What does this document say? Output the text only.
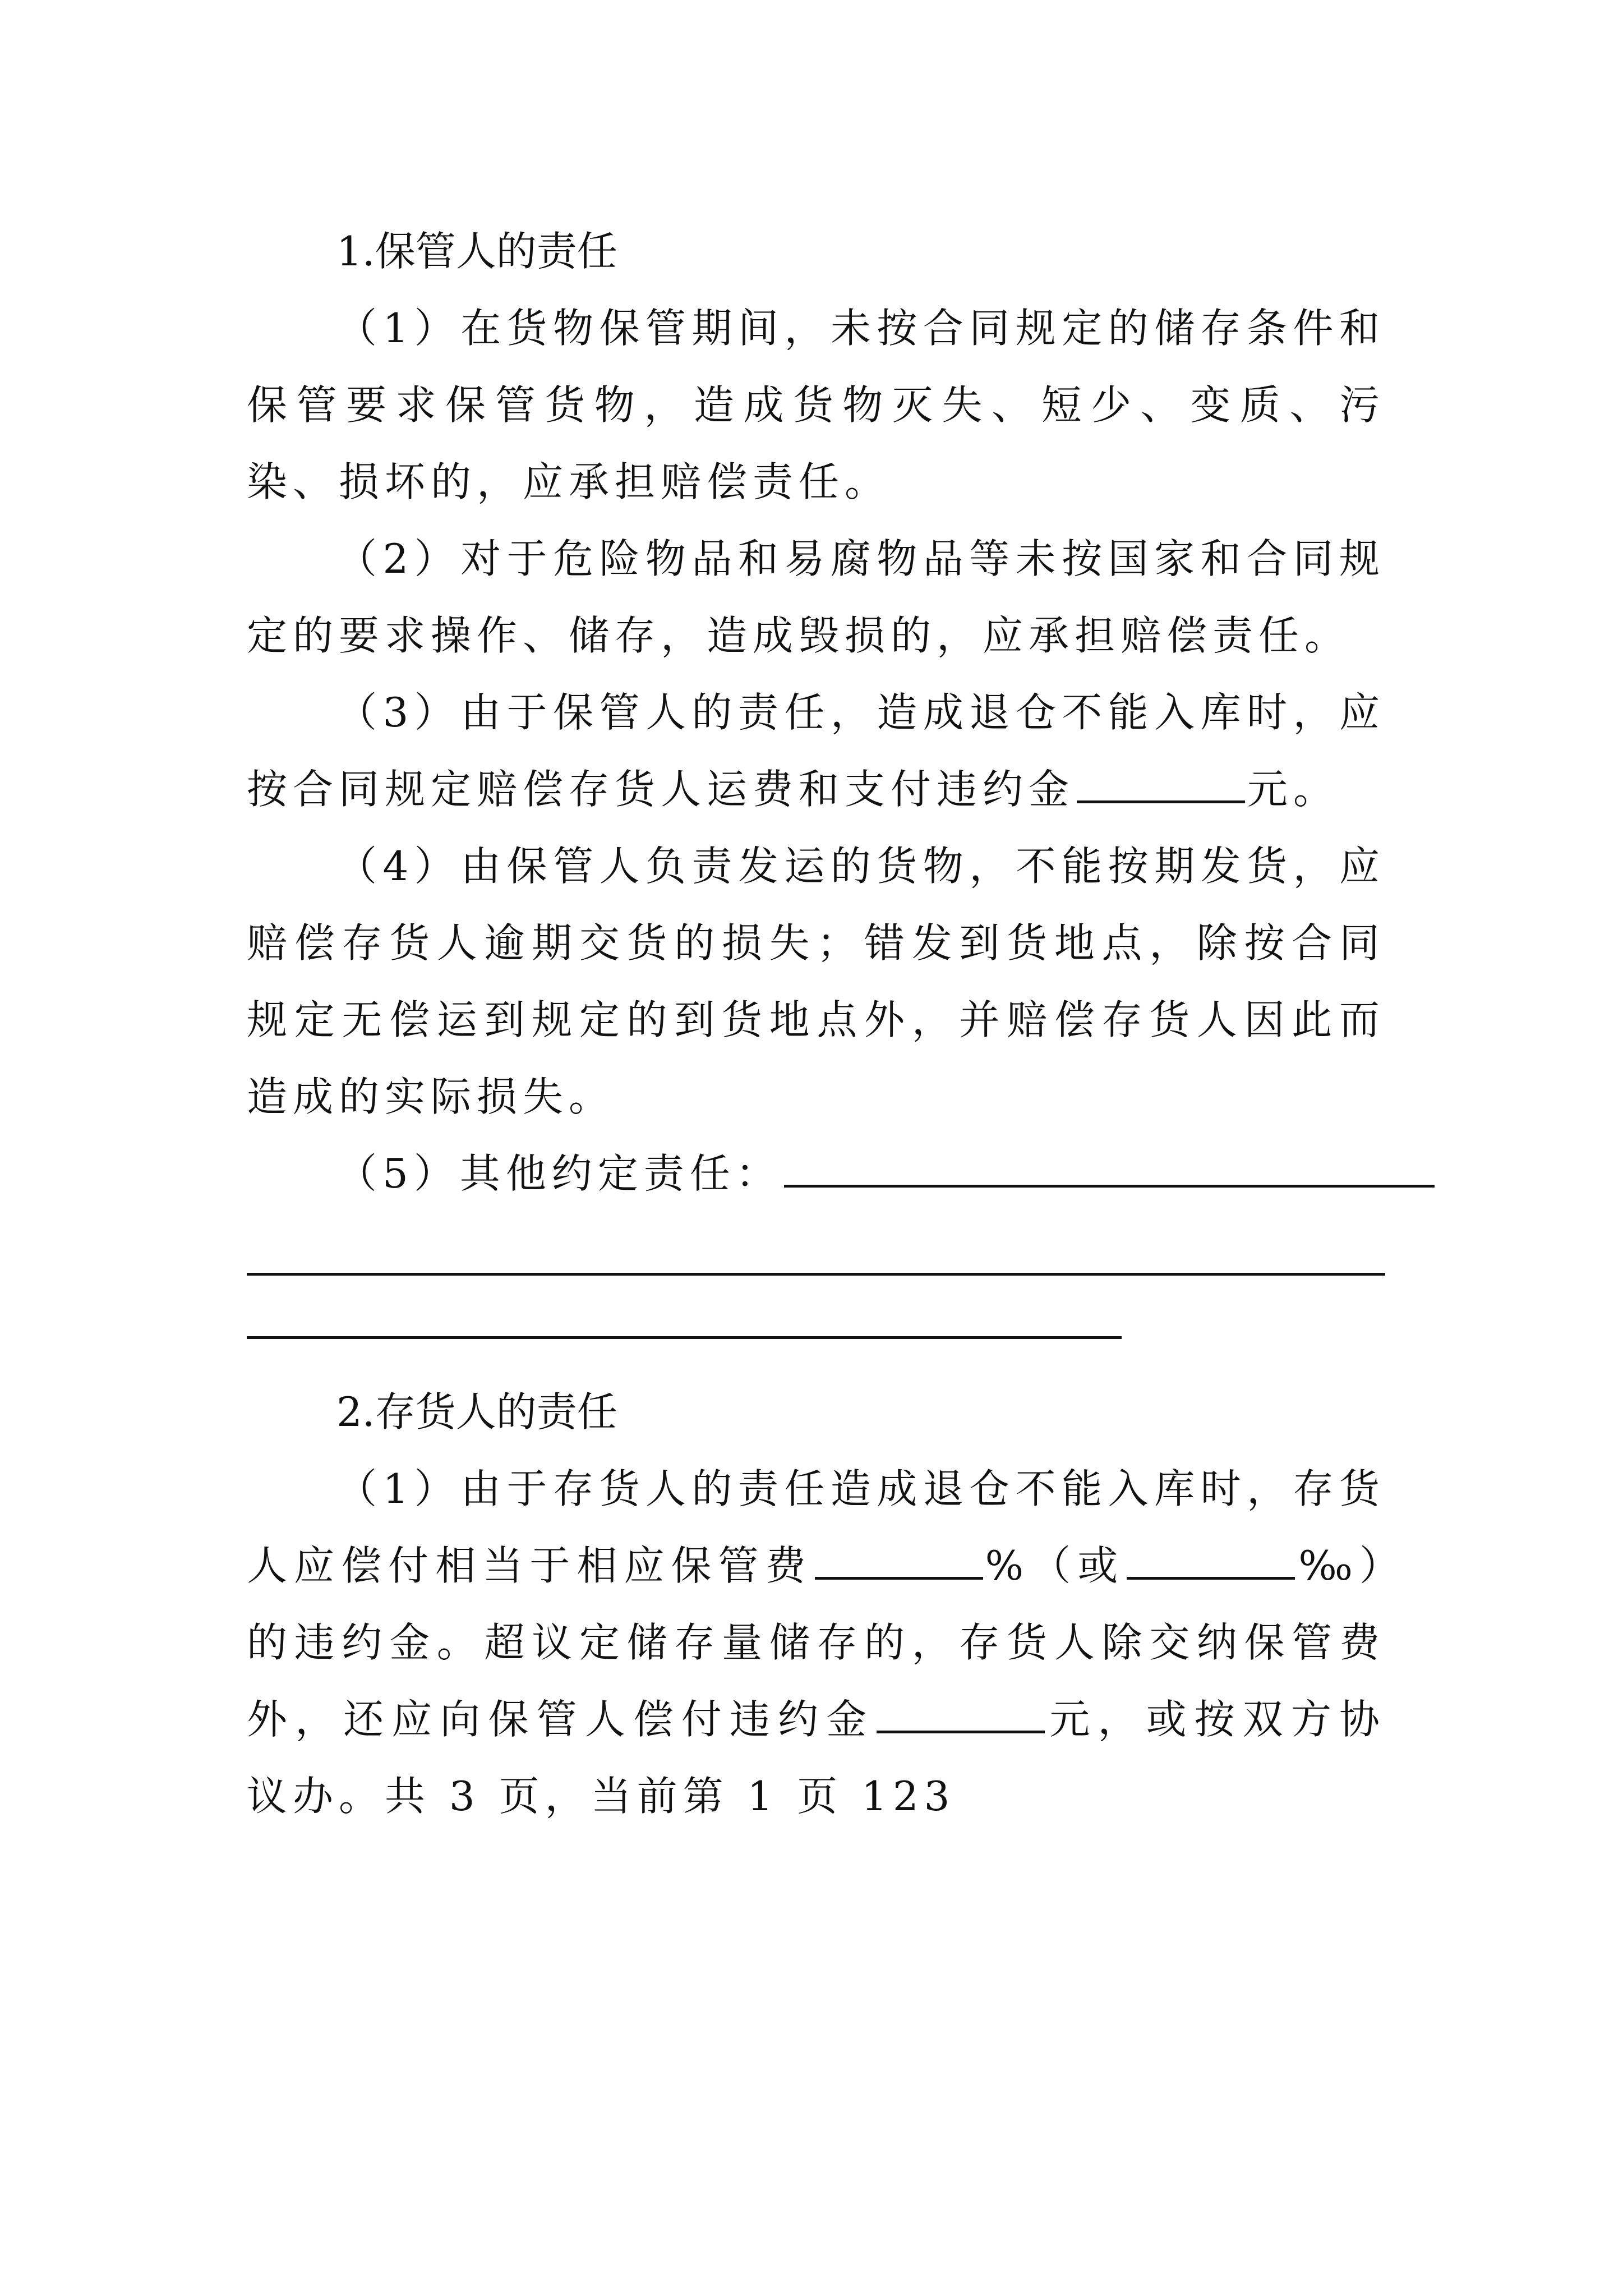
1.保管人的责任

（1）在货物保管期间，未按合同规定的储存条件和保管要求保管货物，造成货物灭失、短少、变质、污染、损坏的，应承担赔偿责任。

（2）对于危险物品和易腐物品等未按国家和合同规定的要求操作、储存，造成毁损的，应承担赔偿责任。

（3）由于保管人的责任，造成退仓不能入库时，应按合同规定赔偿存货人运费和支付违约金	元。

（4）由保管人负责发运的货物，不能按期发货，应赔偿存货人逾期交货的损失；错发到货地点，除按合同规定无偿运到规定的到货地点外，并赔偿存货人因此而造成的实际损失。

（5）其他约定责任：

2.存货人的责任

（1）由于存货人的责任造成退仓不能入库时，存货人应偿付相当于相应保管费	%（或	‰）的违约金。超议定储存量储存的，存货人除交纳保管费外，还应向保管人偿付违约金	元，或按双方协议办。共 3 页，当前第 1 页 123
